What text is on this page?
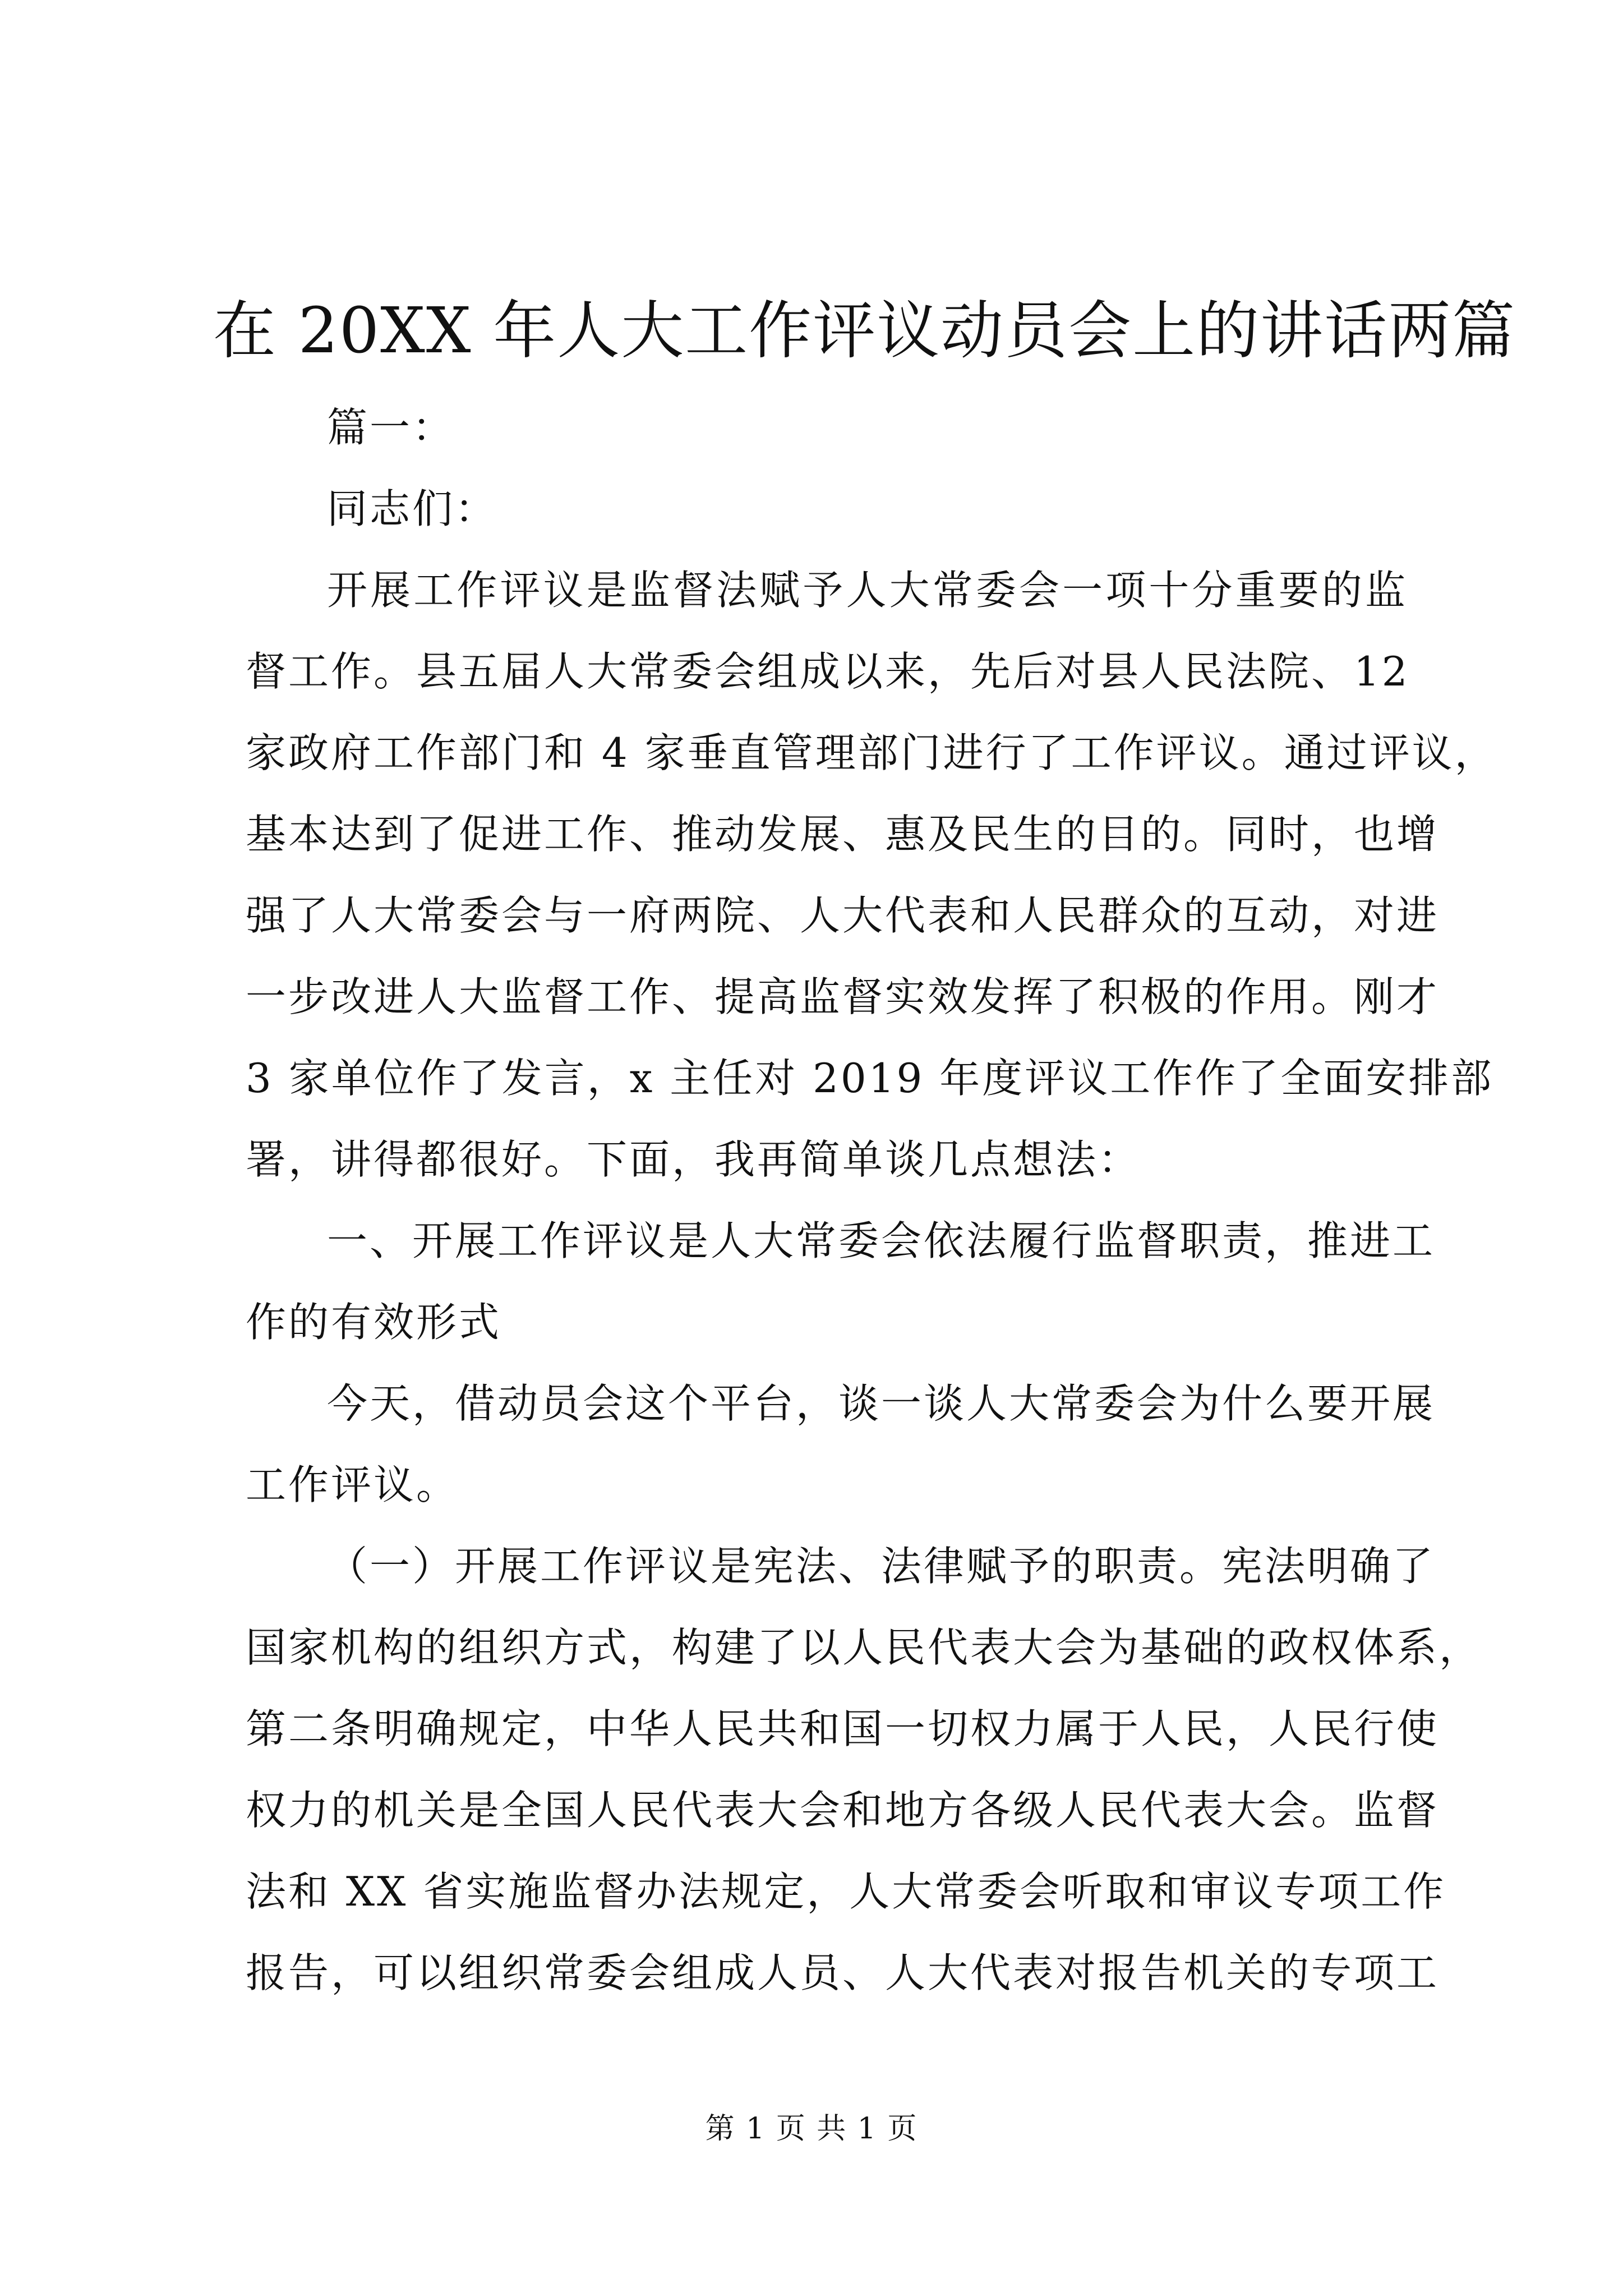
在 20XX 年人大工作评议动员会上的讲话两篇
篇一：
同志们：
开展工作评议是监督法赋予人大常委会一项十分重要的监
督工作。县五届人大常委会组成以来，先后对县人民法院、12
家政府工作部门和 4 家垂直管理部门进行了工作评议。通过评议，
基本达到了促进工作、推动发展、惠及民生的目的。同时，也增
强了人大常委会与一府两院、人大代表和人民群众的互动，对进
一步改进人大监督工作、提高监督实效发挥了积极的作用。刚才
3 家单位作了发言，x 主任对 2019 年度评议工作作了全面安排部
署，讲得都很好。下面，我再简单谈几点想法：
一、开展工作评议是人大常委会依法履行监督职责，推进工
作的有效形式
今天，借动员会这个平台，谈一谈人大常委会为什么要开展
工作评议。
（一）开展工作评议是宪法、法律赋予的职责。宪法明确了
国家机构的组织方式，构建了以人民代表大会为基础的政权体系，
第二条明确规定，中华人民共和国一切权力属于人民，人民行使
权力的机关是全国人民代表大会和地方各级人民代表大会。监督
法和 XX 省实施监督办法规定，人大常委会听取和审议专项工作
报告，可以组织常委会组成人员、人大代表对报告机关的专项工
第 1 页 共 1 页
